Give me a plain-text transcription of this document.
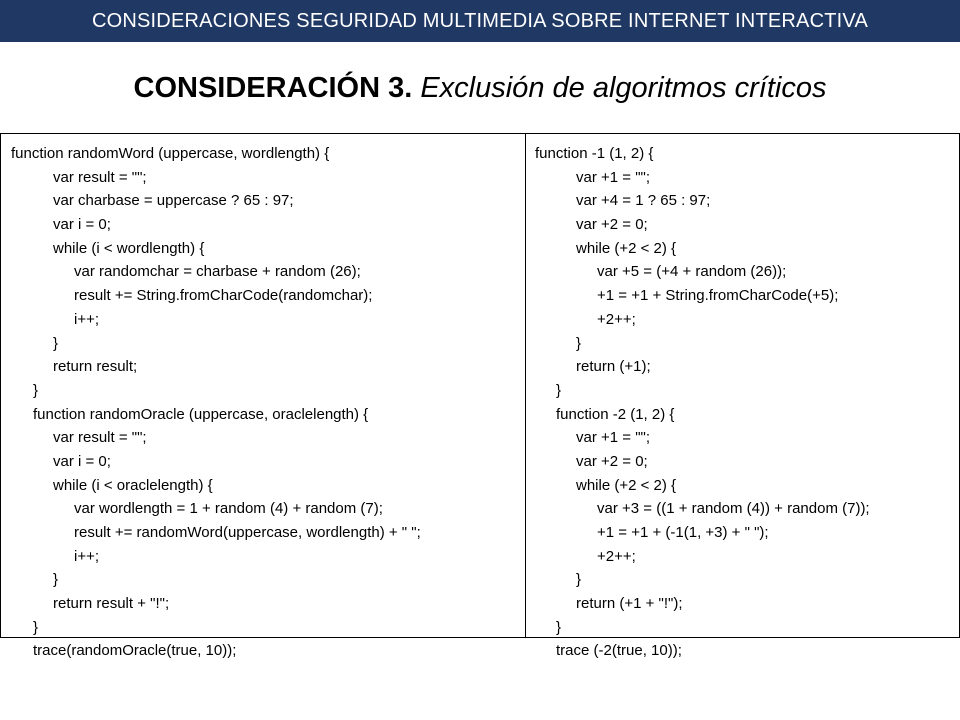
CONSIDERACIONES SEGURIDAD MULTIMEDIA SOBRE INTERNET INTERACTIVA
CONSIDERACIÓN 3. Exclusión de algoritmos críticos
function randomWord (uppercase, wordlength) {
var result = "";
var charbase = uppercase ? 65 : 97;
var i = 0;
while (i < wordlength) {
var randomchar = charbase + random (26);
result += String.fromCharCode(randomchar);
i++;
}
return result;
}
function randomOracle (uppercase, oraclelength) {
var result = "";
var i = 0;
while (i < oraclelength) {
var wordlength = 1 + random (4) + random (7);
result += randomWord(uppercase, wordlength) + " ";
i++;
}
return result + "!";
}
trace(randomOracle(true, 10));
function -1 (1, 2) {
var +1 = "";
var +4 = 1 ? 65 : 97;
var +2 = 0;
while (+2 < 2) {
var +5 = (+4 + random (26));
+1 = +1 + String.fromCharCode(+5);
+2++;
}
return (+1);
}
function -2 (1, 2) {
var +1 = "";
var +2 = 0;
while (+2 < 2) {
var +3 = ((1 + random (4)) + random (7));
+1 = +1 + (-1(1, +3) + " ");
+2++;
}
return (+1 + "!");
}
trace (-2(true, 10));
